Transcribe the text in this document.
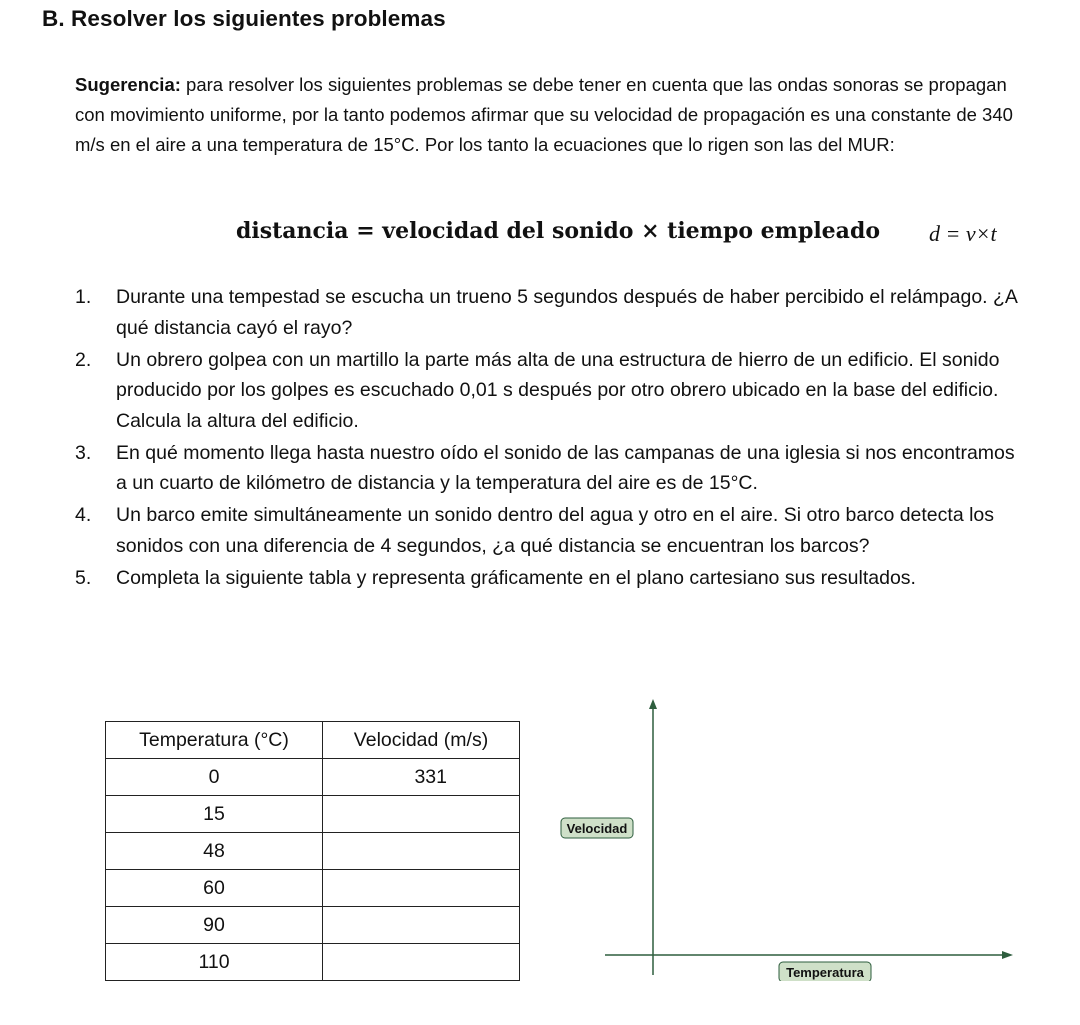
B. Resolver los siguientes problemas
Sugerencia: para resolver los siguientes problemas se debe tener en cuenta que las ondas sonoras se propagan con movimiento uniforme, por la tanto podemos afirmar que su velocidad de propagación es una constante de 340 m/s en el aire a una temperatura de 15°C. Por los tanto la ecuaciones que lo rigen son las del MUR:
distancia = velocidad del sonido × tiempo empleado d = v×t
1. Durante una tempestad se escucha un trueno 5 segundos después de haber percibido el relámpago. ¿A qué distancia cayó el rayo?
2. Un obrero golpea con un martillo la parte más alta de una estructura de hierro de un edificio. El sonido producido por los golpes es escuchado 0,01 s después por otro obrero ubicado en la base del edificio. Calcula la altura del edificio.
3. En qué momento llega hasta nuestro oído el sonido de las campanas de una iglesia si nos encontramos a un cuarto de kilómetro de distancia y la temperatura del aire es de 15°C.
4. Un barco emite simultáneamente un sonido dentro del agua y otro en el aire. Si otro barco detecta los sonidos con una diferencia de 4 segundos, ¿a qué distancia se encuentran los barcos?
5. Completa la siguiente tabla y representa gráficamente en el plano cartesiano sus resultados.
Temperatura (°C)	Velocidad (m/s)
0	331
15	
48	
60	
90	
110	
Velocidad
Temperatura
